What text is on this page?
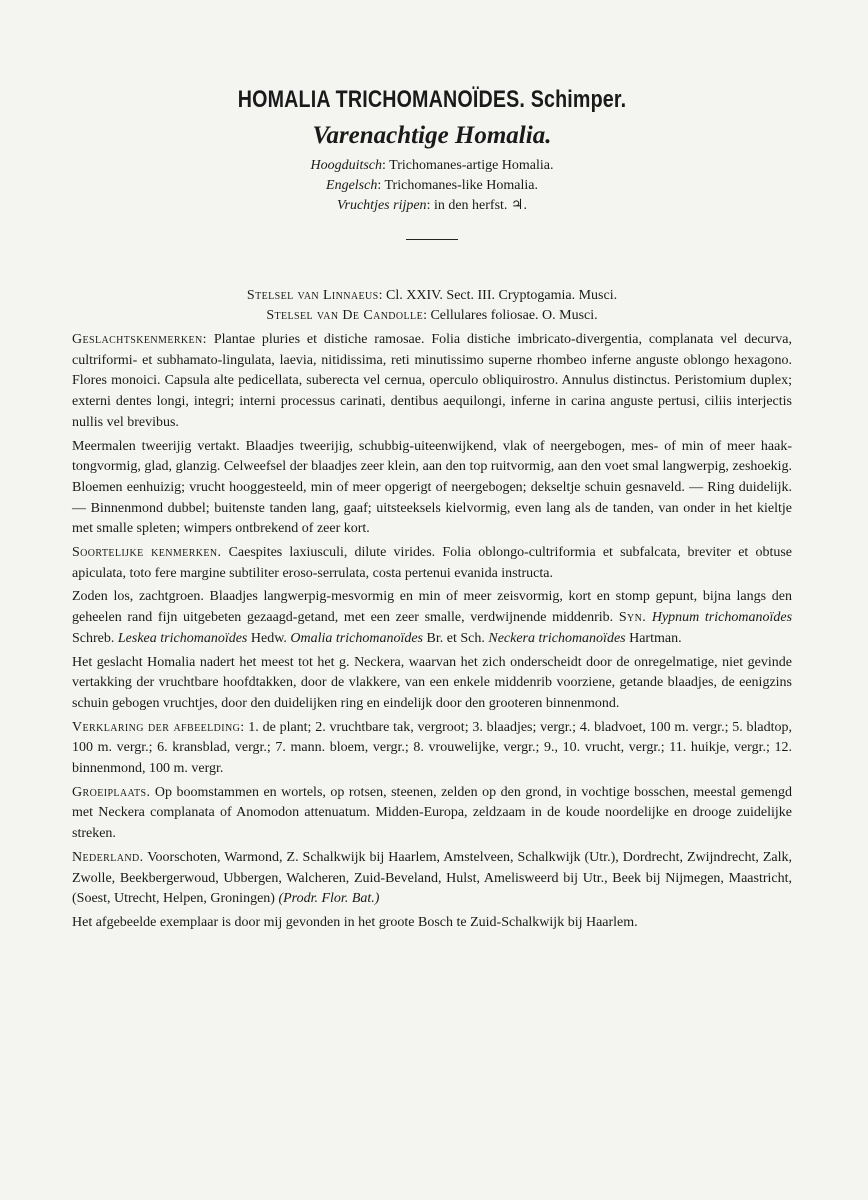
HOMALIA TRICHOMANOÏDES. Schimper.
Varenachtige Homalia.
Hoogduitsch: Trichomanes-artige Homalia.
Engelsch: Trichomanes-like Homalia.
Vruchtjes rijpen: in den herfst. ♃.
Stelsel van Linnaeus: Cl. XXIV. Sect. III. Cryptogamia. Musci.
Stelsel van De Candolle: Cellulares foliosae. O. Musci.

Geslachtskenmerken: Plantae pluries et distiche ramosae. Folia distiche imbricato-divergentia, complanata vel decurva, cultriformi- et subhamato-lingulata, laevia, nitidissima, reti minutissimo superne rhombeo inferne anguste oblongo hexagono. Flores monoici. Capsula alte pedicellata, suberecta vel cernua, operculo obliquirostro. Annulus distinctus. Peristomium duplex; externi dentes longi, integri; interni processus carinati, dentibus aequilongi, inferne in carina anguste pertusi, ciliis interjectis nullis vel brevibus.

Meermalen tweerijig vertakt. Blaadjes tweerijig, schubbig-uiteenwijkend, vlak of neergebogen, mes- of min of meer haak-tongvormig, glad, glanzig. Celweefsel der blaadjes zeer klein, aan den top ruitvormig, aan den voet smal langwerpig, zeshoekig. Bloemen eenhuizig; vrucht hooggesteeld, min of meer opgerigt of neergebogen; dekseltje schuin gesnaveld. — Ring duidelijk. — Binnenmond dubbel; buitenste tanden lang, gaaf; uitsteeksels kielvormig, even lang als de tanden, van onder in het kieltje met smalle spleten; wimpers ontbrekend of zeer kort.

Soortelijke kenmerken. Caespites laxiusculi, dilute virides. Folia oblongo-cultriformia et subfalcata, breviter et obtuse apiculata, toto fere margine subtiliter eroso-serrulata, costa pertenui evanida instructa.

Zoden los, zachtgroen. Blaadjes langwerpig-mesvormig en min of meer zeisvormig, kort en stomp gepunt, bijna langs den geheelen rand fijn uitgebeten gezaagd-getand, met een zeer smalle, verdwijnende middenrib. Syn. Hypnum trichomanoïdes Schreb. Leskea trichomanoïdes Hedw. Omalia trichomanoïdes Br. et Sch. Neckera trichomanoïdes Hartman.

Het geslacht Homalia nadert het meest tot het g. Neckera, waarvan het zich onderscheidt door de onregelmatige, niet gevinde vertakking der vruchtbare hoofdtakken, door de vlakkere, van een enkele middenrib voorziene, getande blaadjes, de eenigzins schuin gebogen vruchtjes, door den duidelijken ring en eindelijk door den grooteren binnenmond.

Verklaring der afbeelding: 1. de plant; 2. vruchtbare tak, vergroot; 3. blaadjes; vergr.; 4. bladvoet, 100 m. vergr.; 5. bladtop, 100 m. vergr.; 6. kransblad, vergr.; 7. mann. bloem, vergr.; 8. vrouwelijke, vergr.; 9., 10. vrucht, vergr.; 11. huikje, vergr.; 12. binnenmond, 100 m. vergr.

Groeiplaats. Op boomstammen en wortels, op rotsen, steenen, zelden op den grond, in vochtige bosschen, meestal gemengd met Neckera complanata of Anomodon attenuatum. Midden-Europa, zeldzaam in de koude noordelijke en drooge zuidelijke streken.

Nederland. Voorschoten, Warmond, Z. Schalkwijk bij Haarlem, Amstelveen, Schalkwijk (Utr.), Dordrecht, Zwijndrecht, Zalk, Zwolle, Beekbergerwoud, Ubbergen, Walcheren, Zuid-Beveland, Hulst, Amelisweerd bij Utr., Beek bij Nijmegen, Maastricht, (Soest, Utrecht, Helpen, Groningen) (Prodr. Flor. Bat.)

Het afgebeelde exemplaar is door mij gevonden in het groote Bosch te Zuid-Schalkwijk bij Haarlem.
